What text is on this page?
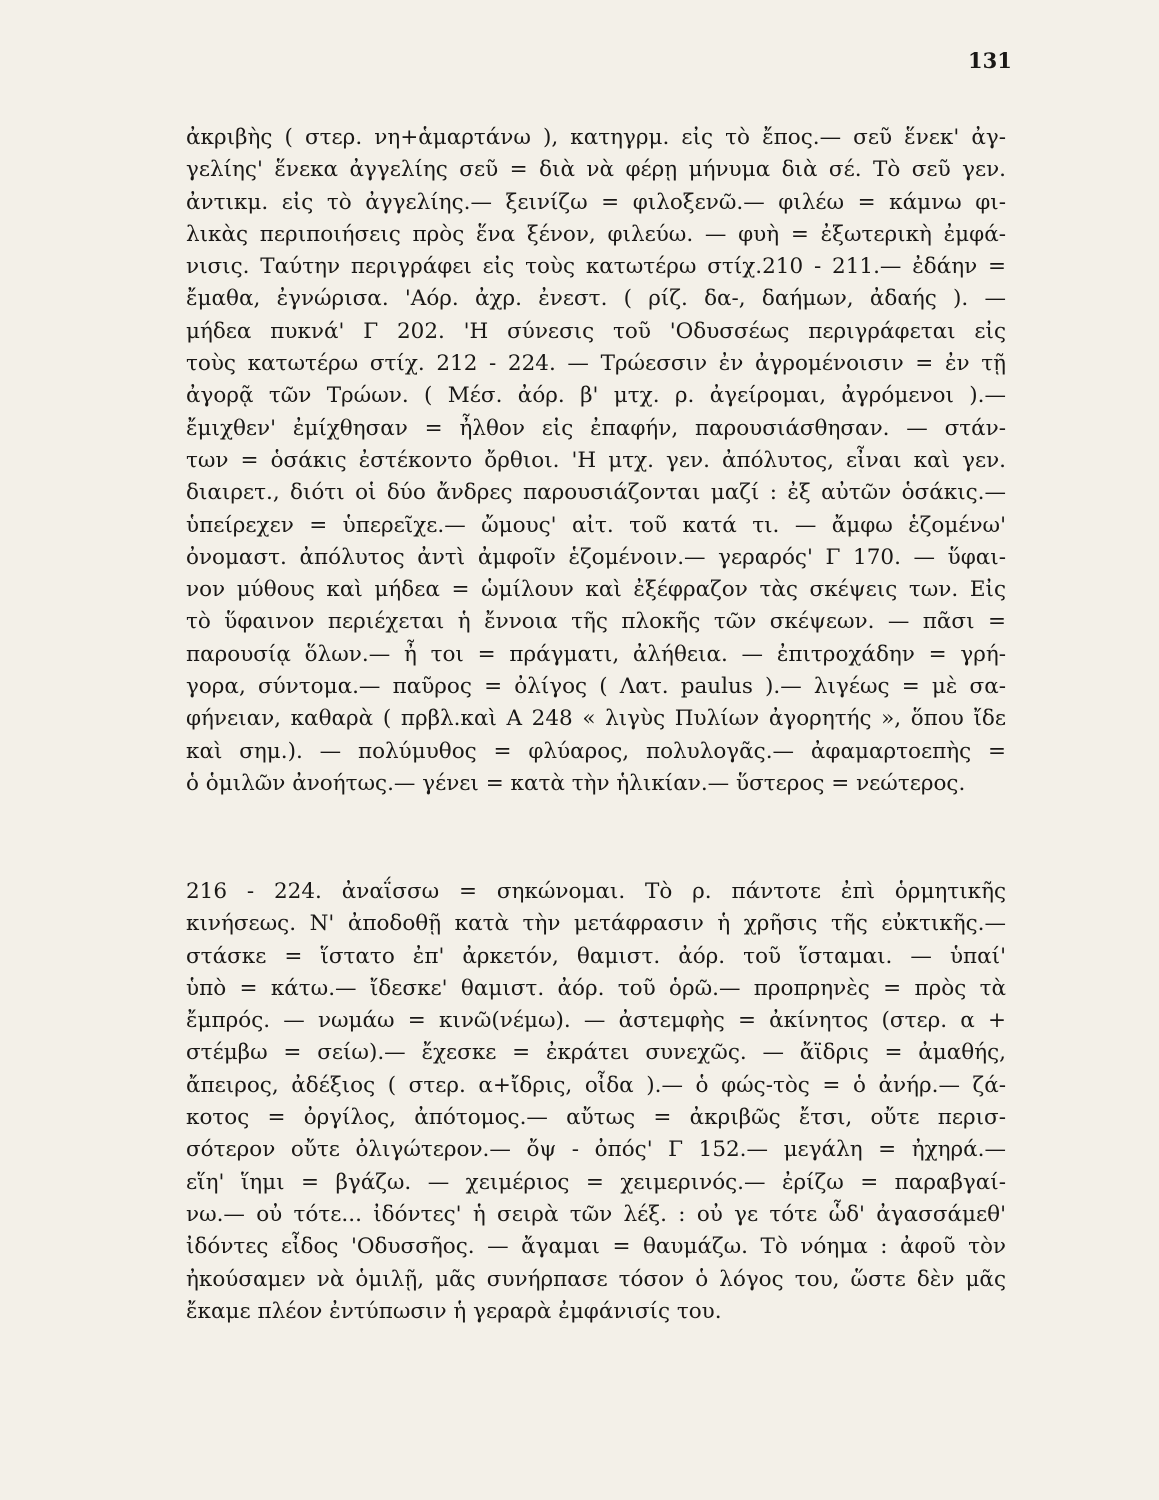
131
ἀκριβὴς ( στερ. νη+ἁμαρτάνω ), κατηγρμ. εἰς τὸ ἔπος.— σεῦ ἕνεκ' ἀγ-
γελίης' ἕνεκα ἀγγελίης σεῦ = διὰ νὰ φέρῃ μήνυμα διὰ σέ. Τὸ σεῦ γεν.
ἀντικμ. εἰς τὸ ἀγγελίης.— ξεινίζω = φιλοξενῶ.— φιλέω = κάμνω φι-
λικὰς περιποιήσεις πρὸς ἕνα ξένον, φιλεύω. — φυὴ = ἐξωτερικὴ ἐμφά-
νισις. Ταύτην περιγράφει εἰς τοὺς κατωτέρω στίχ.210 - 211.— ἐδάην =
ἔμαθα, ἐγνώρισα. 'Αόρ. ἀχρ. ἐνεστ. ( ρίζ. δα-, δαήμων, ἀδαής ). —
μήδεα πυκνά' Γ 202. 'Η σύνεσις τοῦ 'Οδυσσέως περιγράφεται εἰς
τοὺς κατωτέρω στίχ. 212 - 224. — Τρώεσσιν ἐν ἀγρομένοισιν = ἐν τῇ
ἀγορᾷ τῶν Τρώων. ( Μέσ. ἀόρ. β' μτχ. ρ. ἀγείρομαι, ἀγρόμενοι ).—
ἔμιχθεν' ἐμίχθησαν = ἦλθον εἰς ἐπαφήν, παρουσιάσθησαν. — στάν-
των = ὁσάκις ἐστέκοντο ὄρθιοι. 'Η μτχ. γεν. ἀπόλυτος, εἶναι καὶ γεν.
διαιρετ., διότι οἱ δύο ἄνδρες παρουσιάζονται μαζί : ἐξ αὐτῶν ὁσάκις.—
ὑπείρεχεν = ὑπερεῖχε.— ὤμους' αἰτ. τοῦ κατά τι. — ἄμφω ἑζομένω'
ὀνομαστ. ἀπόλυτος ἀντὶ ἀμφοῖν ἑζομένοιν.— γεραρός' Γ 170. — ὕφαι-
νον μύθους καὶ μήδεα = ὡμίλουν καὶ ἐξέφραζον τὰς σκέψεις των. Εἰς
τὸ ὕφαινον περιέχεται ἡ ἔννοια τῆς πλοκῆς τῶν σκέψεων. — πᾶσι =
παρουσίᾳ ὅλων.— ἦ τοι = πράγματι, ἀλήθεια. — ἐπιτροχάδην = γρή-
γορα, σύντομα.— παῦρος = ὀλίγος ( Λατ. paulus ).— λιγέως = μὲ σα-
φήνειαν, καθαρὰ ( πρβλ.καὶ Α 248 « λιγὺς Πυλίων ἀγορητής », ὅπου ἴδε
καὶ σημ.). — πολύμυθος = φλύαρος, πολυλογᾶς.— ἀφαμαρτοεπὴς =
ὁ ὁμιλῶν ἀνοήτως.— γένει = κατὰ τὴν ἡλικίαν.— ὕστερος = νεώτερος.
216 - 224. ἀναΐσσω = σηκώνομαι. Τὸ ρ. πάντοτε ἐπὶ ὁρμητικῆς
κινήσεως. Ν' ἀποδοθῇ κατὰ τὴν μετάφρασιν ἡ χρῆσις τῆς εὐκτικῆς.—
στάσκε = ἵστατο ἐπ' ἀρκετόν, θαμιστ. ἀόρ. τοῦ ἵσταμαι. — ὑπαί'
ὑπὸ = κάτω.— ἴδεσκε' θαμιστ. ἀόρ. τοῦ ὁρῶ.— προπρηνὲς = πρὸς τὰ
ἔμπρός. — νωμάω = κινῶ(νέμω). — ἀστεμφὴς = ἀκίνητος (στερ. α +
στέμβω = σείω).— ἔχεσκε = ἐκράτει συνεχῶς. — ἄϊδρις = ἀμαθής,
ἄπειρος, ἀδέξιος ( στερ. α+ἴδρις, οἶδα ).— ὁ φώς-τὸς = ὁ ἀνήρ.— ζά-
κοτος = ὀργίλος, ἀπότομος.— αὔτως = ἀκριβῶς ἔτσι, οὔτε περισ-
σότερον οὔτε ὀλιγώτερον.— ὄψ - ὀπός' Γ 152.— μεγάλη = ἠχηρά.—
εἵη' ἵημι = βγάζω. — χειμέριος = χειμερινός.— ἐρίζω = παραβγαί-
νω.— οὐ τότε... ἰδόντες' ἡ σειρὰ τῶν λέξ. : οὐ γε τότε ὧδ' ἀγασσάμεθ'
ἰδόντες εἶδος 'Οδυσσῆος. — ἄγαμαι = θαυμάζω. Τὸ νόημα : ἀφοῦ τὸν
ἠκούσαμεν νὰ ὁμιλῇ, μᾶς συνήρπασε τόσον ὁ λόγος του, ὥστε δὲν μᾶς
ἔκαμε πλέον ἐντύπωσιν ἡ γεραρὰ ἐμφάνισίς του.
